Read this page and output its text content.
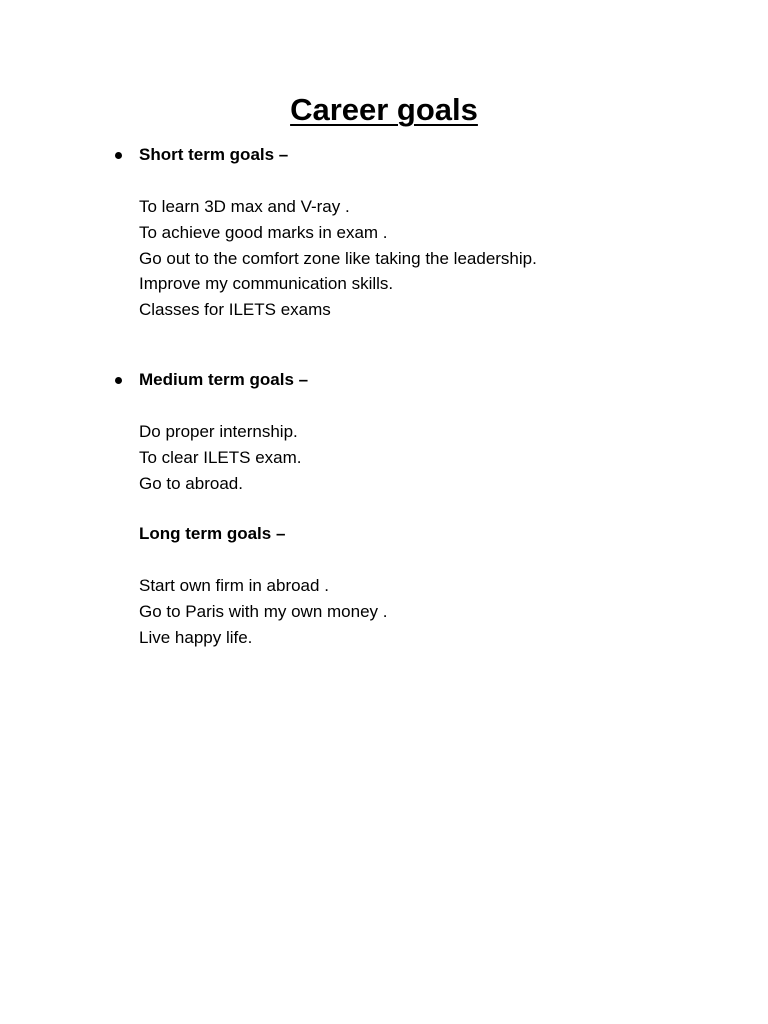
Career goals
Short term goals –
To learn 3D max and V-ray .
To achieve good marks in exam .
Go out to the comfort zone like taking the leadership.
Improve my communication skills.
Classes for ILETS exams
Medium term goals –
Do proper internship.
To clear ILETS exam.
Go to abroad.
Long term goals –
Start own firm in abroad .
Go to Paris with my own money .
Live happy life.
